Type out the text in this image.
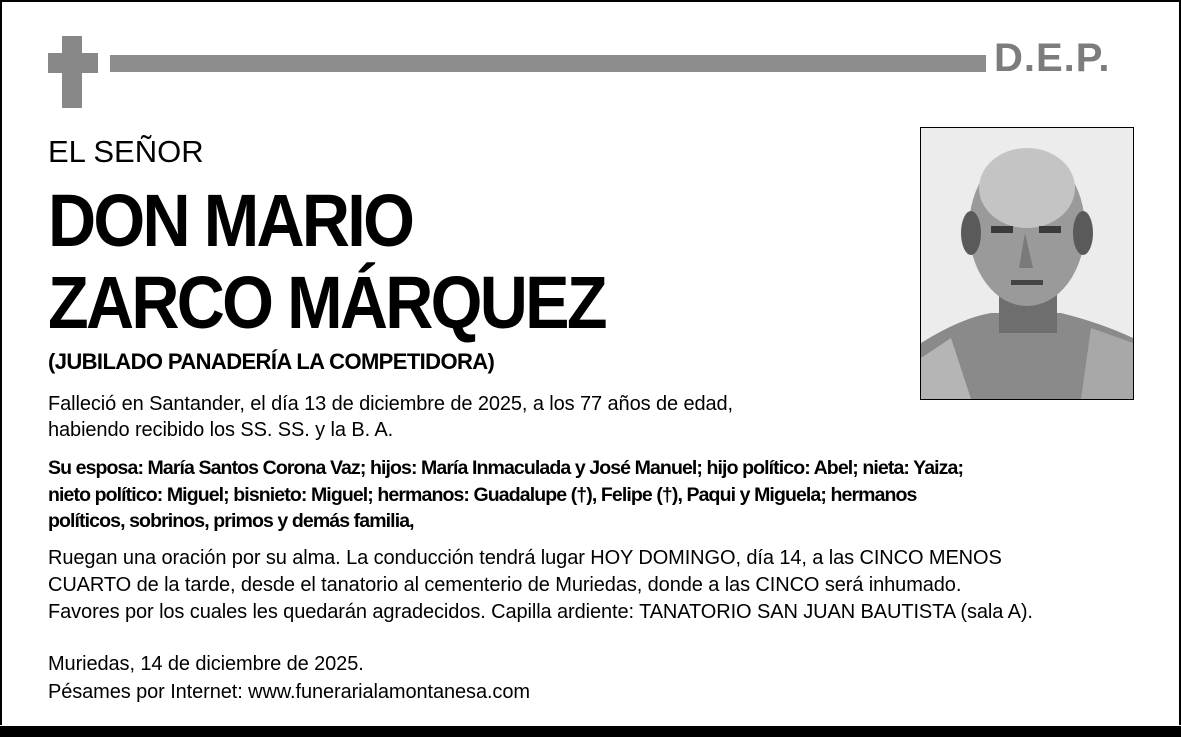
D.E.P.
EL SEÑOR
DON MARIO
ZARCO MÁRQUEZ
(JUBILADO PANADERÍA LA COMPETIDORA)
Falleció en Santander, el día 13 de diciembre de 2025, a los 77 años de edad,
habiendo recibido los SS. SS. y la B. A.
Su esposa: María Santos Corona Vaz; hijos: María Inmaculada y José Manuel; hijo político: Abel; nieta: Yaiza;
nieto político: Miguel; bisnieto: Miguel; hermanos: Guadalupe (†), Felipe (†), Paqui y Miguela; hermanos
políticos, sobrinos, primos y demás familia,
Ruegan una oración por su alma. La conducción tendrá lugar HOY DOMINGO, día 14, a las CINCO MENOS
CUARTO de la tarde, desde el tanatorio al cementerio de Muriedas, donde a las CINCO será inhumado.
Favores por los cuales les quedarán agradecidos. Capilla ardiente: TANATORIO SAN JUAN BAUTISTA (sala A).
Muriedas, 14 de diciembre de 2025.
Pésames por Internet: www.funerarialamontanesa.com
